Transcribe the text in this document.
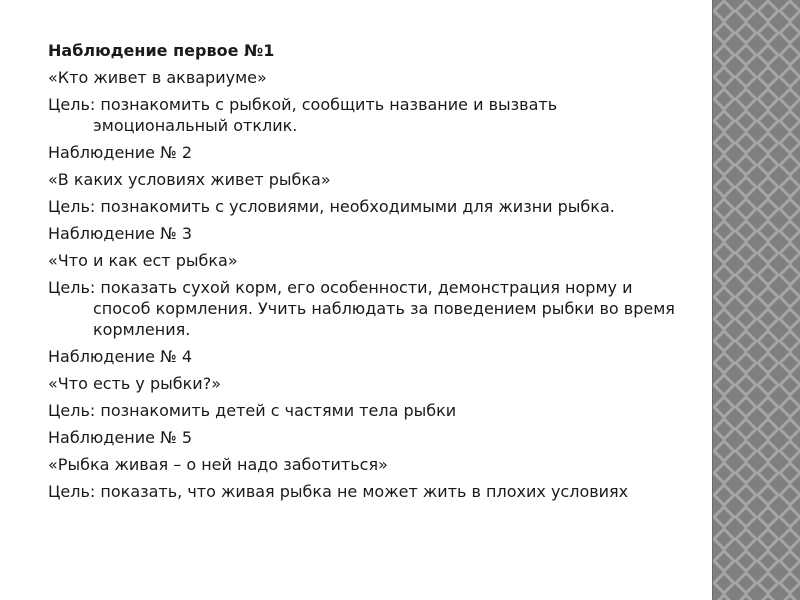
Наблюдение первое №1
«Кто живет в аквариуме»
Цель: познакомить с рыбкой, сообщить название и вызвать эмоциональный отклик.
Наблюдение № 2
«В каких условиях живет рыбка»
Цель: познакомить с условиями, необходимыми для жизни рыбка.
Наблюдение № 3
«Что и как ест рыбка»
Цель: показать сухой корм, его особенности, демонстрация норму и способ кормления. Учить наблюдать за поведением рыбки во время кормления.
Наблюдение № 4
«Что есть у рыбки?»
Цель: познакомить детей с частями тела рыбки
Наблюдение № 5
«Рыбка живая – о ней надо заботиться»
Цель: показать, что живая рыбка не может жить в плохих условиях
